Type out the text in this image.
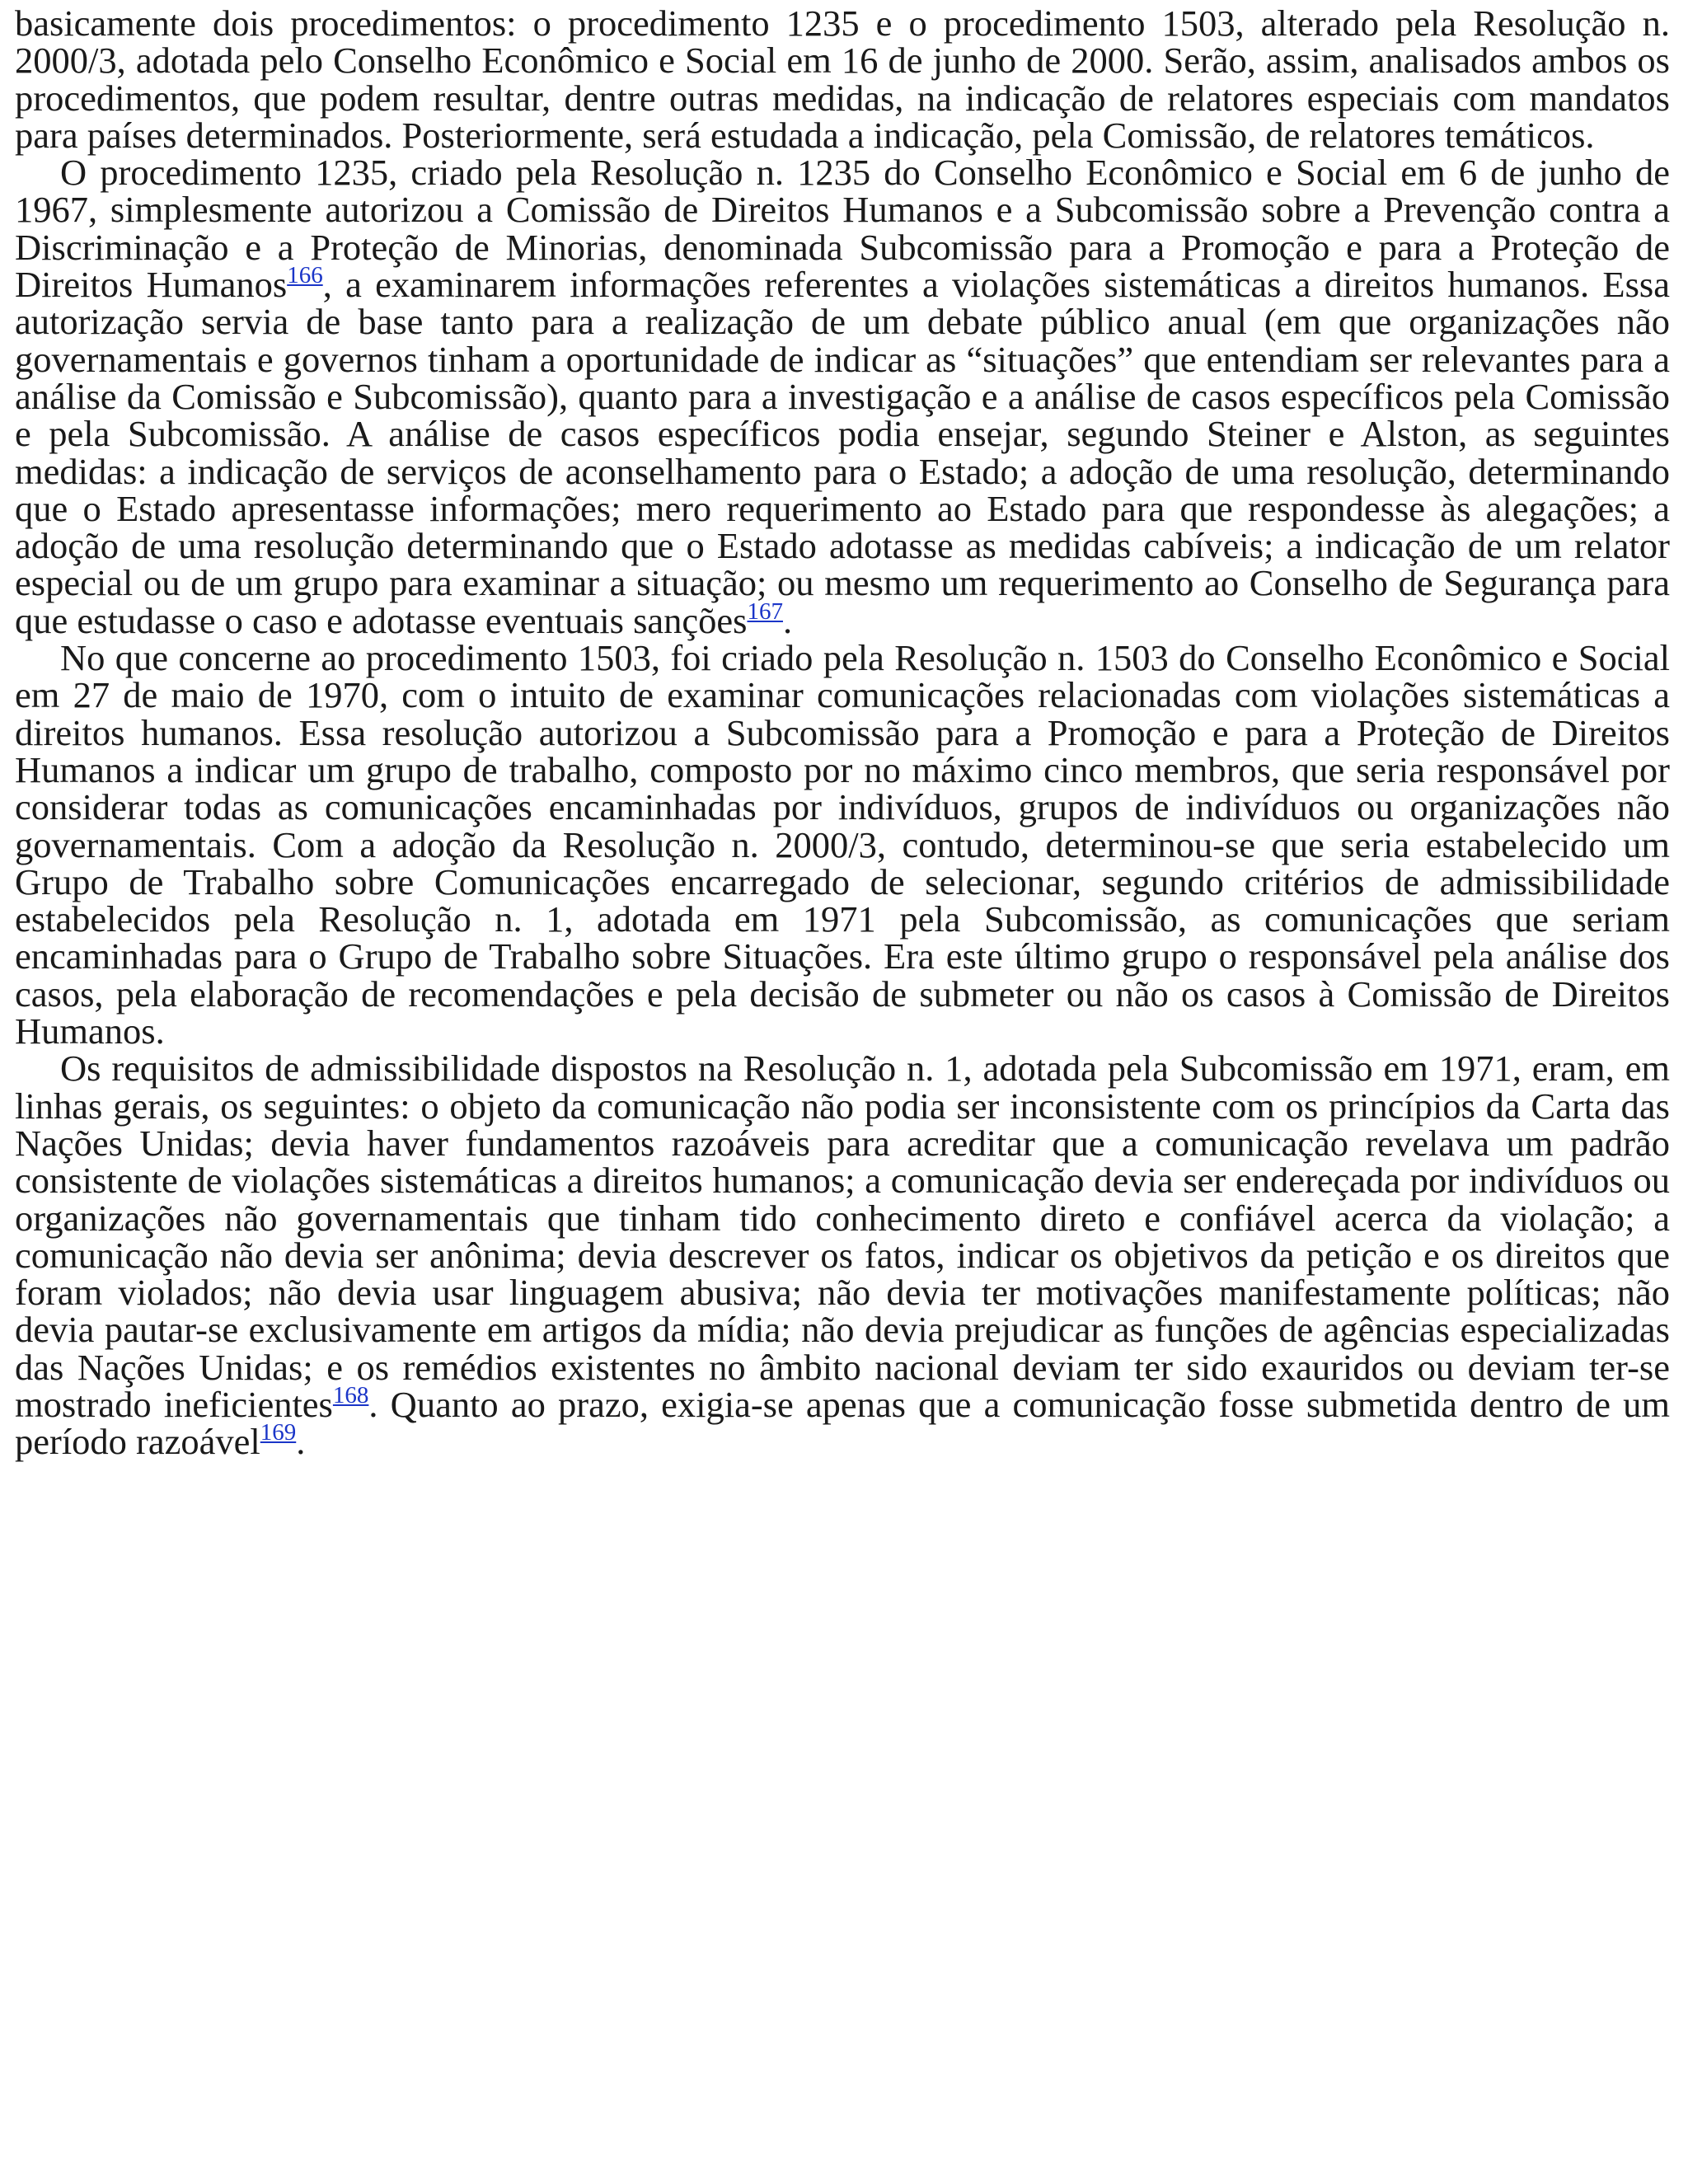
basicamente dois procedimentos: o procedimento 1235 e o procedimento 1503, alterado pela Resolução n. 2000/3, adotada pelo Conselho Econômico e Social em 16 de junho de 2000. Serão, assim, analisados ambos os procedimentos, que podem resultar, dentre outras medidas, na indicação de relatores especiais com mandatos para países determinados. Posteriormente, será estudada a indicação, pela Comissão, de relatores temáticos.

O procedimento 1235, criado pela Resolução n. 1235 do Conselho Econômico e Social em 6 de junho de 1967, simplesmente autorizou a Comissão de Direitos Humanos e a Subcomissão sobre a Prevenção contra a Discriminação e a Proteção de Minorias, denominada Subcomissão para a Promoção e para a Proteção de Direitos Humanos$^{166}$, a examinarem informações referentes a violações sistemáticas a direitos humanos. Essa autorização servia de base tanto para a realização de um debate público anual (em que organizações não governamentais e governos tinham a oportunidade de indicar as “situações” que entendiam ser relevantes para a análise da Comissão e Subcomissão), quanto para a investigação e a análise de casos específicos pela Comissão e pela Subcomissão. A análise de casos específicos podia ensejar, segundo Steiner e Alston, as seguintes medidas: a indicação de serviços de aconselhamento para o Estado; a adoção de uma resolução, determinando que o Estado apresentasse informações; mero requerimento ao Estado para que respondesse às alegações; a adoção de uma resolução determinando que o Estado adotasse as medidas cabíveis; a indicação de um relator especial ou de um grupo para examinar a situação; ou mesmo um requerimento ao Conselho de Segurança para que estudasse o caso e adotasse eventuais sanções$^{167}$.

No que concerne ao procedimento 1503, foi criado pela Resolução n. 1503 do Conselho Econômico e Social em 27 de maio de 1970, com o intuito de examinar comunicações relacionadas com violações sistemáticas a direitos humanos. Essa resolução autorizou a Subcomissão para a Promoção e para a Proteção de Direitos Humanos a indicar um grupo de trabalho, composto por no máximo cinco membros, que seria responsável por considerar todas as comunicações encaminhadas por indivíduos, grupos de indivíduos ou organizações não governamentais. Com a adoção da Resolução n. 2000/3, contudo, determinou-se que seria estabelecido um Grupo de Trabalho sobre Comunicações encarregado de selecionar, segundo critérios de admissibilidade estabelecidos pela Resolução n. 1, adotada em 1971 pela Subcomissão, as comunicações que seriam encaminhadas para o Grupo de Trabalho sobre Situações. Era este último grupo o responsável pela análise dos casos, pela elaboração de recomendações e pela decisão de submeter ou não os casos à Comissão de Direitos Humanos.

Os requisitos de admissibilidade dispostos na Resolução n. 1, adotada pela Subcomissão em 1971, eram, em linhas gerais, os seguintes: o objeto da comunicação não podia ser inconsistente com os princípios da Carta das Nações Unidas; devia haver fundamentos razoáveis para acreditar que a comunicação revelava um padrão consistente de violações sistemáticas a direitos humanos; a comunicação devia ser endereçada por indivíduos ou organizações não governamentais que tinham tido conhecimento direto e confiável acerca da violação; a comunicação não devia ser anônima; devia descrever os fatos, indicar os objetivos da petição e os direitos que foram violados; não devia usar linguagem abusiva; não devia ter motivações manifestamente políticas; não devia pautar-se exclusivamente em artigos da mídia; não devia prejudicar as funções de agências especializadas das Nações Unidas; e os remédios existentes no âmbito nacional deviam ter sido exauridos ou deviam ter-se mostrado ineficientes$^{168}$. Quanto ao prazo, exigia-se apenas que a comunicação fosse submetida dentro de um período razoável$^{169}$.
